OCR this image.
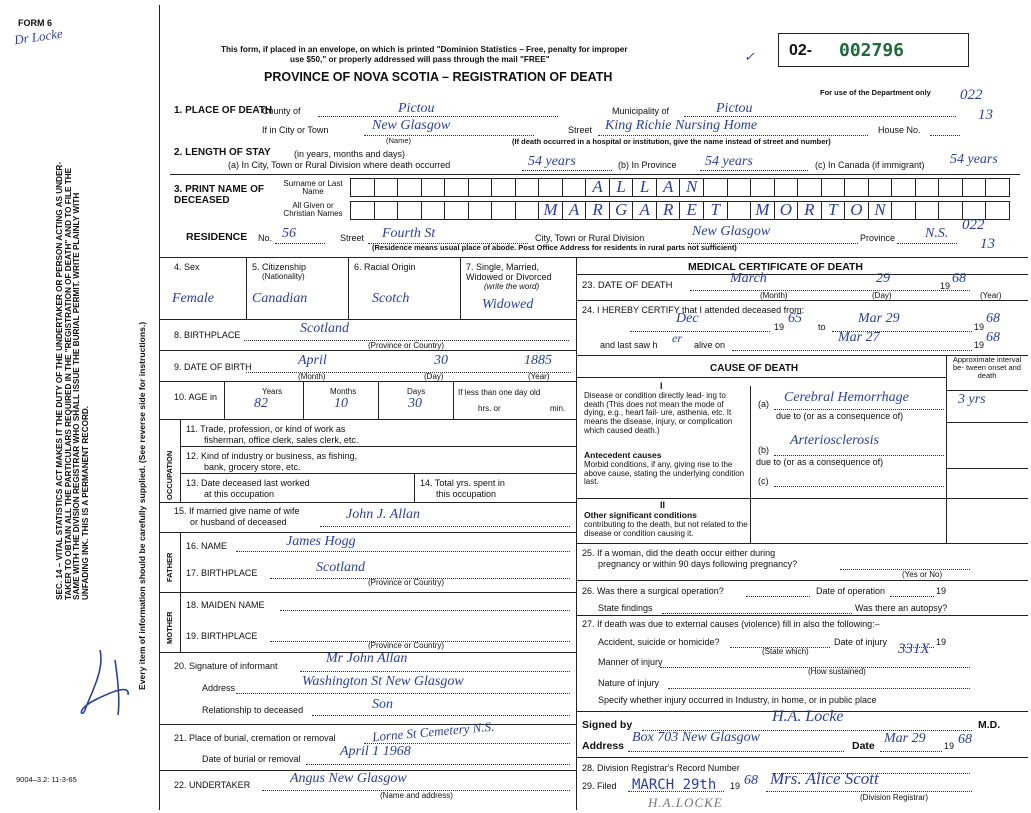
FORM 6
Dr Locke
SEC. 14 – VITAL STATISTICS ACT MAKES IT THE DUTY OF THE UNDERTAKER OR PERSON ACTING AS UNDER- TAKER TO OBTAIN ALL THE PARTICULARS REQUIRED IN THE "REGISTRATION OF DEATH" AND TO FILE THE SAME WITH THE DIVISION REGISTRAR WHO SHALL ISSUE THE BURIAL PERMIT. WRITE PLAINLY WITH UNFADING INK. THIS IS A PERMANENT RECORD.	Every item of information should be carefully supplied. (See reverse side for instructions.)
9004–3.2: 11-3-65
This form, if placed in an envelope, on which is printed "Dominion Statistics – Free, penalty for improper
use $50," or properly addressed will pass through the mail "FREE"
PROVINCE OF NOVA SCOTIA – REGISTRATION OF DEATH
02- 002796
✓
For use of the Department only
1. PLACE OF DEATH
County of	Pictou	Municipality of	Pictou
022
13
If in City or Town	New Glasgow
(Name)
Street King Richie Nursing Home	House No.
(If death occurred in a hospital or institution, give the name instead of street and number)
2. LENGTH OF STAY	(in years, months and days)
(a) In City, Town or Rural Division where death occurred	54 years	(b) In Province 54 years	(c) In Canada (if immigrant) 54 years
3. PRINT NAME OF DECEASED
Surname or Last Name
All Given or Christian Names
A L L A N
M A R G A R E T	M O R T O N
RESIDENCE No. 56	Street Fourth St	City, Town or Rural Division	New Glasgow	Province N.S.
022
13
(Residence means usual place of abode. Post Office Address for residents in rural parts not sufficient)
4. Sex
Female
5. Citizenship
(Nationality)
Canadian
6. Racial Origin
Scotch
7. Single, Married, Widowed or Divorced
(write the word)
Widowed
8. BIRTHPLACE	Scotland
(Province or Country)
9. DATE OF BIRTH	April	30	1885
(Month)	(Day)	(Year)
10. AGE in
Years
82
Months
10
Days
30
If less than one day old
hrs. or	min.
OCCUPATION
11. Trade, profession, or kind of work as
fisherman, office clerk, sales clerk, etc.
12. Kind of industry or business, as fishing,
bank, grocery store, etc.
13. Date deceased last worked
at this occupation
14. Total yrs. spent in
this occupation
15. If married give name of wife
or husband of deceased	John J. Allan
FATHER
16. NAME	James Hogg
17. BIRTHPLACE	Scotland
(Province or Country)
MOTHER
18. MAIDEN NAME
19. BIRTHPLACE
(Province or Country)
20. Signature of informant	Mr John Allan
Address	Washington St New Glasgow
Relationship to deceased	Son
21. Place of burial, cremation or removal	Lorne St Cemetery N.S.
Date of burial or removal	April 1 1968
22. UNDERTAKER	Angus New Glasgow
(Name and address)
MEDICAL CERTIFICATE OF DEATH
23. DATE OF DEATH	March	29	19 68
(Month)	(Day)	(Year)
24. I HEREBY CERTIFY that I attended deceased from:
Dec
19
65
to
Mar 29
19
68
and last saw h er alive on	Mar 27	19 68
CAUSE OF DEATH
Approximate interval be- tween onset and death
I
Disease or condition directly lead- ing to death (This does not mean the mode of dying, e.g., heart fail- ure, asthenia, etc. It means the disease, injury, or complication which caused death.)
(a) Cerebral Hemorrhage	3 yrs
due to (or as a consequence of)
Antecedent causes
Morbid conditions, if any, giving rise to the above cause, stating the underlying condition last.
(b)
Arteriosclerosis
due to (or as a consequence of)
(c)
II
Other significant conditions
contributing to the death, but not related to the disease or condition causing it.
25. If a woman, did the death occur either during
pregnancy or within 90 days following pregnancy?
(Yes or No)
26. Was there a surgical operation?	Date of operation	19
State findings	Was there an autopsy?
27. If death was due to external causes (violence) fill in also the following:–
Accident, suicide or homicide?	Date of injury	19
(State which)
Manner of injury
331X
(How sustained)
Nature of injury
Specify whether injury occurred in Industry, in home, or in public place
Signed by	H.A. Locke	M.D.
Address
Box 703 New Glasgow
Date Mar 29 19 68
28. Division Registrar's Record Number
29. Filed MARCH 29th 19 68 Mrs. Alice Scott
(Division Registrar)
H.A.LOCKE
